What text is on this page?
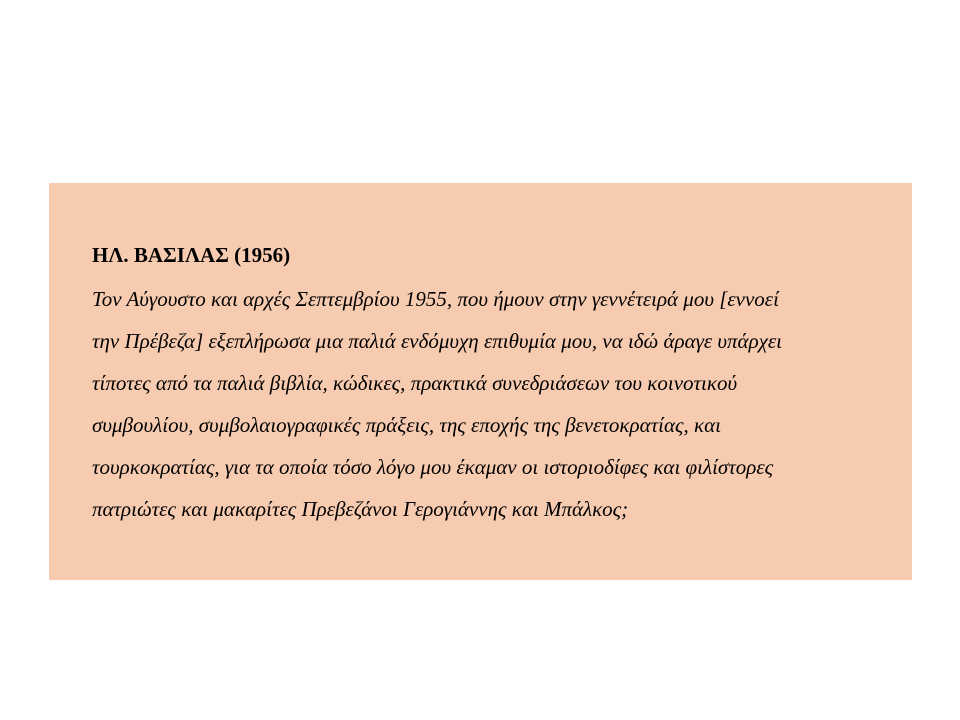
ΗΛ. ΒΑΣΙΛΑΣ (1956)
Τον Αύγουστο και αρχές Σεπτεμβρίου 1955, που ήμουν στην γεννέτειρά μου [εννοεί
την Πρέβεζα] εξεπλήρωσα μια παλιά ενδόμυχη επιθυμία μου, να ιδώ άραγε υπάρχει
τίποτες από τα παλιά βιβλία, κώδικες, πρακτικά συνεδριάσεων του κοινοτικού
συμβουλίου, συμβολαιογραφικές πράξεις, της εποχής της βενετοκρατίας, και
τουρκοκρατίας, για τα οποία τόσο λόγο μου έκαμαν οι ιστοριοδίφες και φιλίστορες
πατριώτες και μακαρίτες Πρεβεζάνοι Γερογιάννης και Μπάλκος;
